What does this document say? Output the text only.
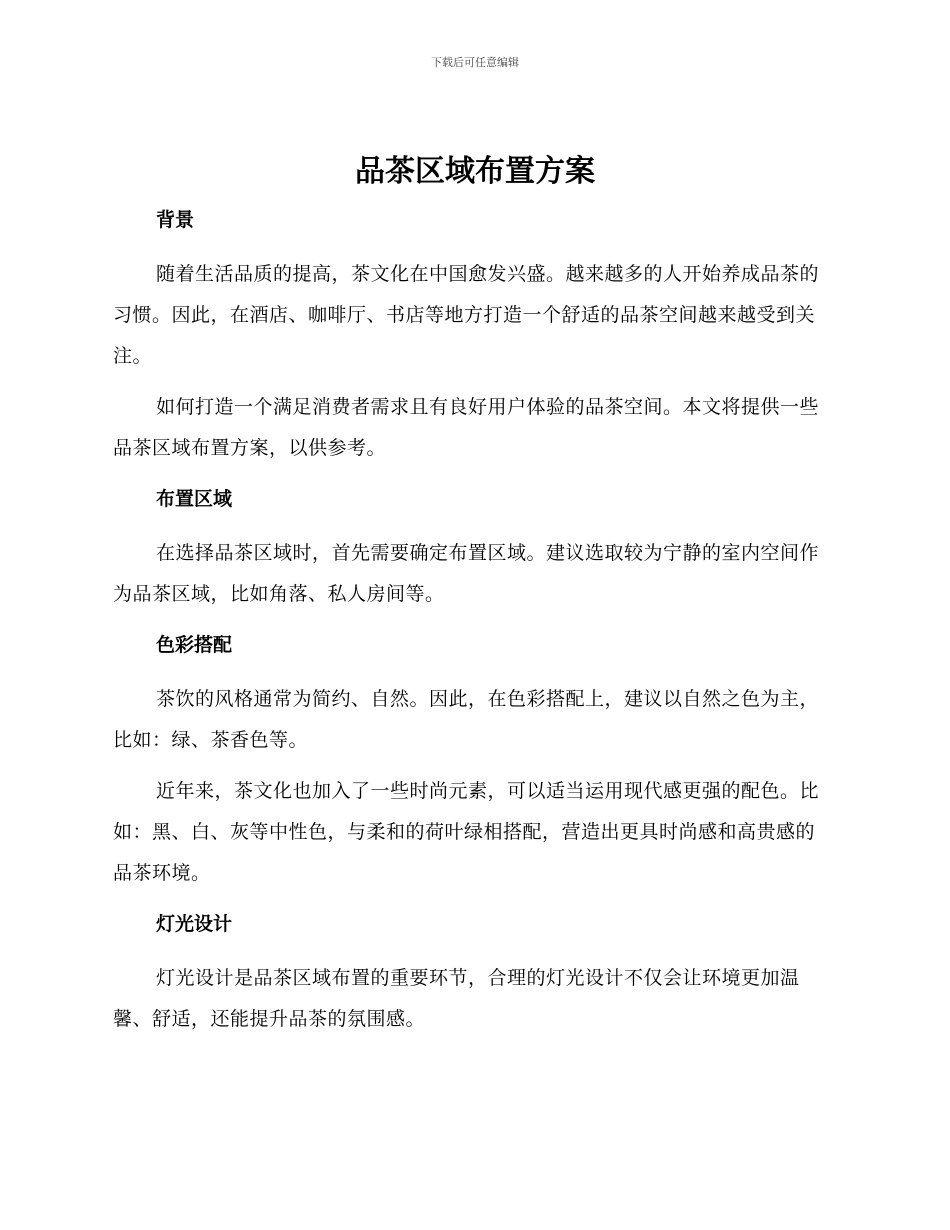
下载后可任意编辑
品茶区域布置方案
背景

随着生活品质的提高，茶文化在中国愈发兴盛。越来越多的人开始养成品茶的习惯。因此，在酒店、咖啡厅、书店等地方打造一个舒适的品茶空间越来越受到关注。

如何打造一个满足消费者需求且有良好用户体验的品茶空间。本文将提供一些品茶区域布置方案，以供参考。

布置区域

在选择品茶区域时，首先需要确定布置区域。建议选取较为宁静的室内空间作为品茶区域，比如角落、私人房间等。

色彩搭配

茶饮的风格通常为简约、自然。因此，在色彩搭配上，建议以自然之色为主，比如：绿、茶香色等。

近年来，茶文化也加入了一些时尚元素，可以适当运用现代感更强的配色。比如：黑、白、灰等中性色，与柔和的荷叶绿相搭配，营造出更具时尚感和高贵感的品茶环境。

灯光设计

灯光设计是品茶区域布置的重要环节，合理的灯光设计不仅会让环境更加温馨、舒适，还能提升品茶的氛围感。
